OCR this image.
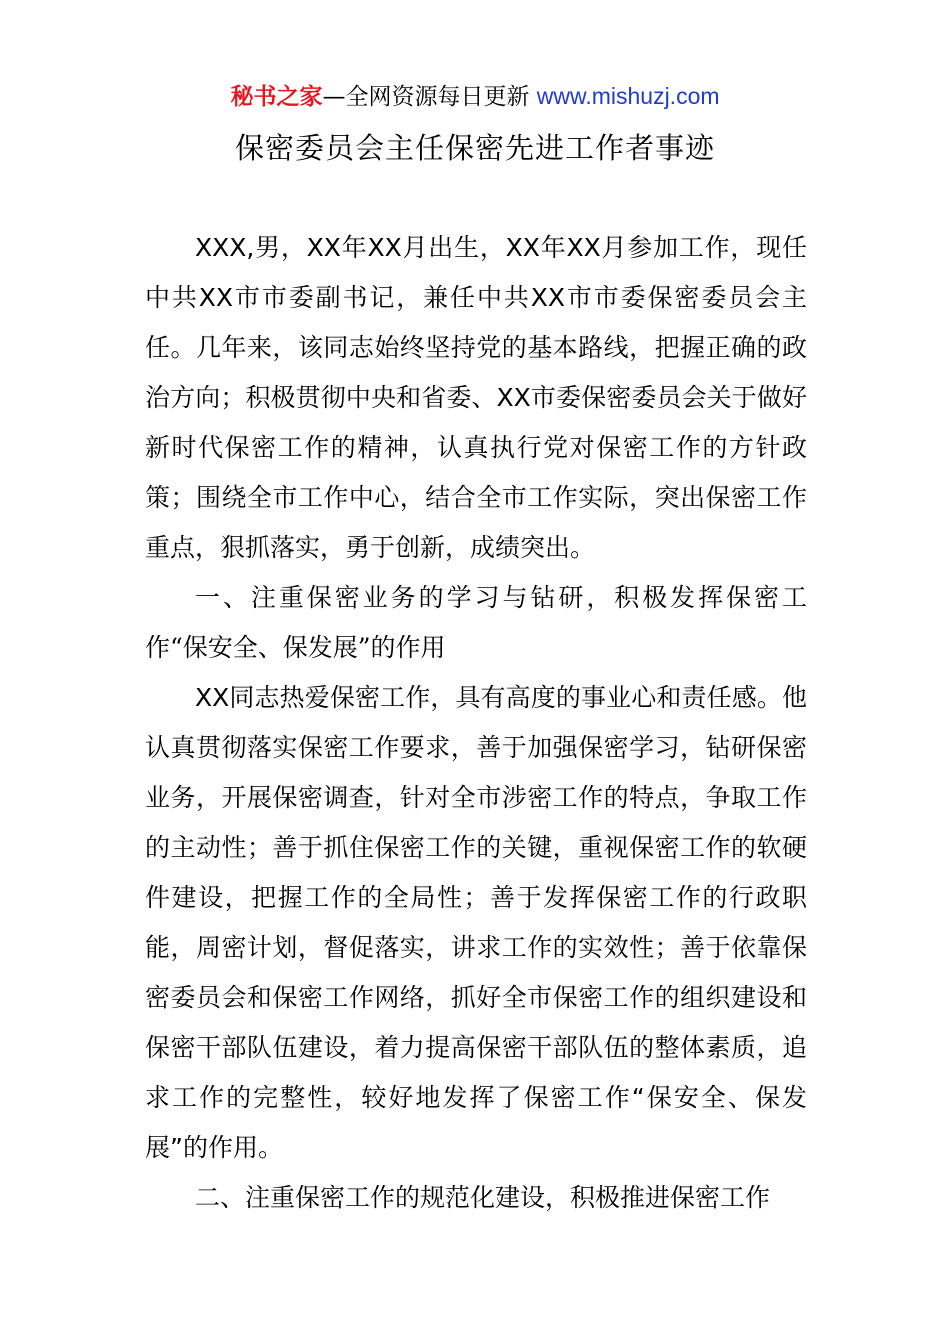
秘书之家—全网资源每日更新 www.mishuzj.com
保密委员会主任保密先进工作者事迹

XXX,男，XX年XX月出生，XX年XX月参加工作，现任中共XX市市委副书记，兼任中共XX市市委保密委员会主任。几年来，该同志始终坚持党的基本路线，把握正确的政治方向；积极贯彻中央和省委、XX市委保密委员会关于做好新时代保密工作的精神，认真执行党对保密工作的方针政策；围绕全市工作中心，结合全市工作实际，突出保密工作重点，狠抓落实，勇于创新，成绩突出。

一、注重保密业务的学习与钻研，积极发挥保密工作“保安全、保发展”的作用

XX同志热爱保密工作，具有高度的事业心和责任感。他认真贯彻落实保密工作要求，善于加强保密学习，钻研保密业务，开展保密调查，针对全市涉密工作的特点，争取工作的主动性；善于抓住保密工作的关键，重视保密工作的软硬件建设，把握工作的全局性；善于发挥保密工作的行政职能，周密计划，督促落实，讲求工作的实效性；善于依靠保密委员会和保密工作网络，抓好全市保密工作的组织建设和保密干部队伍建设，着力提高保密干部队伍的整体素质，追求工作的完整性，较好地发挥了保密工作“保安全、保发展”的作用。

二、注重保密工作的规范化建设，积极推进保密工作
